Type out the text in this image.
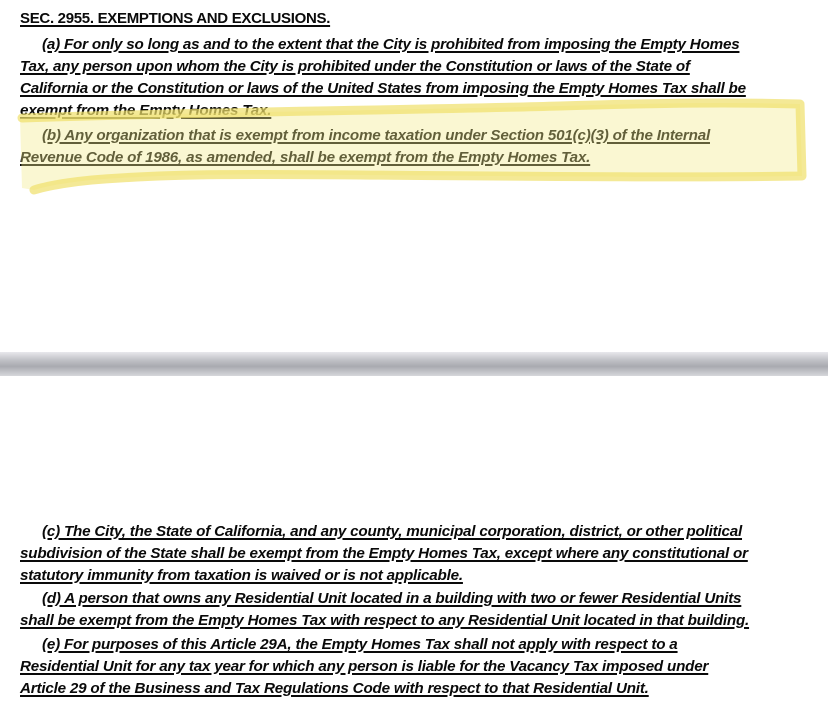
SEC. 2955. EXEMPTIONS AND EXCLUSIONS.
(a) For only so long as and to the extent that the City is prohibited from imposing the Empty Homes
Tax, any person upon whom the City is prohibited under the Constitution or laws of the State of
California or the Constitution or laws of the United States from imposing the Empty Homes Tax shall be
exempt from the Empty Homes Tax.
(b) Any organization that is exempt from income taxation under Section 501(c)(3) of the Internal
Revenue Code of 1986, as amended, shall be exempt from the Empty Homes Tax.
(c) The City, the State of California, and any county, municipal corporation, district, or other political
subdivision of the State shall be exempt from the Empty Homes Tax, except where any constitutional or
statutory immunity from taxation is waived or is not applicable.
(d) A person that owns any Residential Unit located in a building with two or fewer Residential Units
shall be exempt from the Empty Homes Tax with respect to any Residential Unit located in that building.
(e) For purposes of this Article 29A, the Empty Homes Tax shall not apply with respect to a
Residential Unit for any tax year for which any person is liable for the Vacancy Tax imposed under
Article 29 of the Business and Tax Regulations Code with respect to that Residential Unit.
